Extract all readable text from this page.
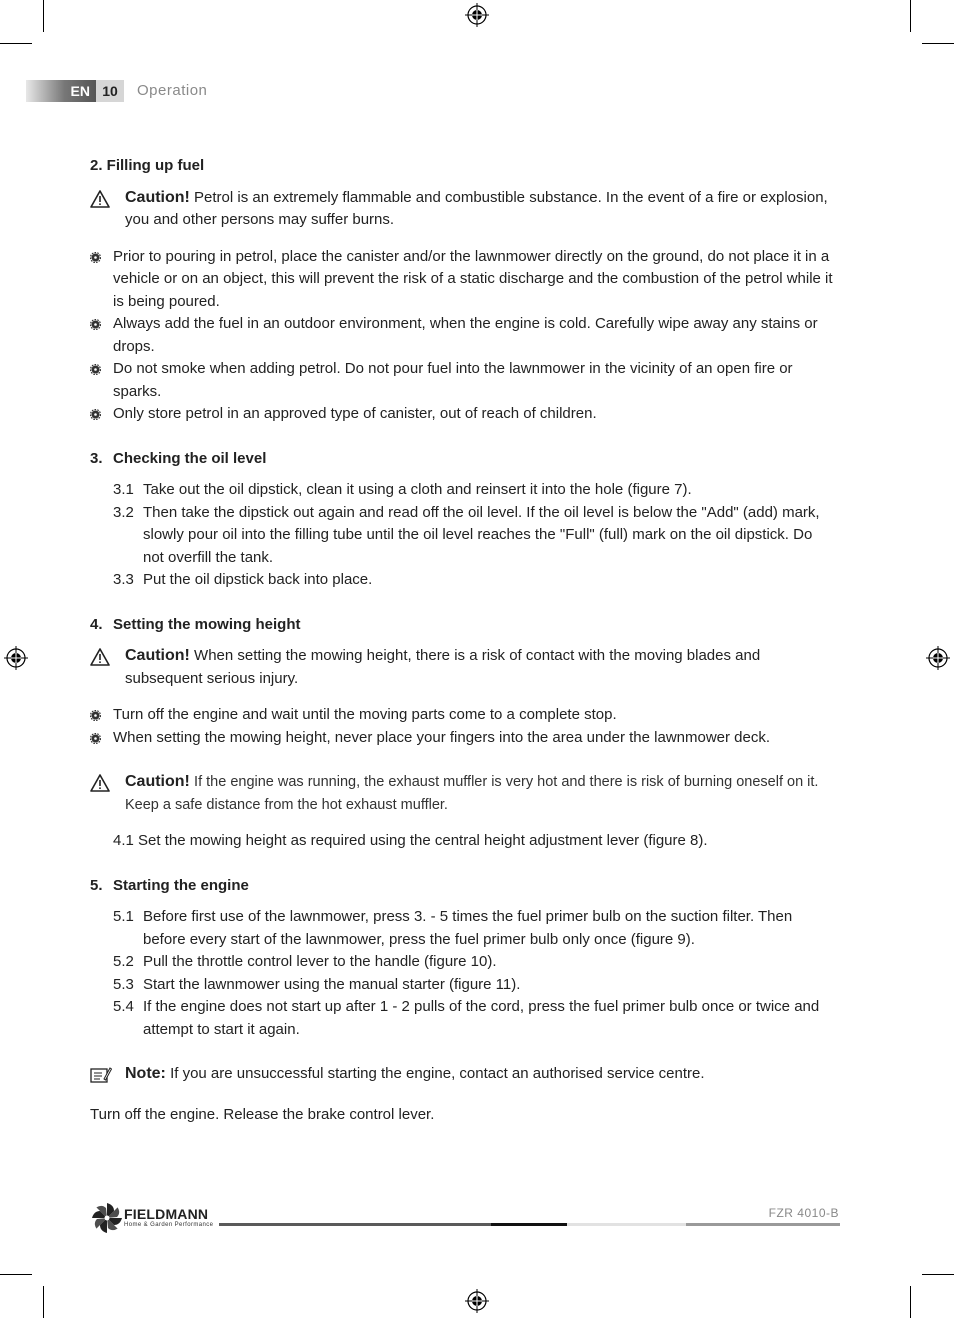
EN 10	Operation
2. Filling up fuel
Caution! Petrol is an extremely flammable and combustible substance. In the event of a fire or explosion, you and other persons may suffer burns.
Prior to pouring in petrol, place the canister and/or the lawnmower directly on the ground, do not place it in a vehicle or on an object, this will prevent the risk of a static discharge and the combustion of the petrol while it is being poured.
Always add the fuel in an outdoor environment, when the engine is cold. Carefully wipe away any stains or drops.
Do not smoke when adding petrol. Do not pour fuel into the lawnmower in the vicinity of an open fire or sparks.
Only store petrol in an approved type of canister, out of reach of children.
3. Checking the oil level
3.1 Take out the oil dipstick, clean it using a cloth and reinsert it into the hole (figure 7).
3.2 Then take the dipstick out again and read off the oil level. If the oil level is below the "Add" (add) mark, slowly pour oil into the filling tube until the oil level reaches the "Full" (full) mark on the oil dipstick. Do not overfill the tank.
3.3 Put the oil dipstick back into place.
4. Setting the mowing height
Caution! When setting the mowing height, there is a risk of contact with the moving blades and subsequent serious injury.
Turn off the engine and wait until the moving parts come to a complete stop.
When setting the mowing height, never place your fingers into the area under the lawnmower deck.
Caution! If the engine was running, the exhaust muffler is very hot and there is risk of burning oneself on it. Keep a safe distance from the hot exhaust muffler.
4.1 Set the mowing height as required using the central height adjustment lever (figure 8).
5. Starting the engine
5.1 Before first use of the lawnmower, press 3. - 5 times the fuel primer bulb on the suction filter. Then before every start of the lawnmower, press the fuel primer bulb only once (figure 9).
5.2 Pull the throttle control lever to the handle (figure 10).
5.3 Start the lawnmower using the manual starter (figure 11).
5.4 If the engine does not start up after 1 - 2 pulls of the cord, press the fuel primer bulb once or twice and attempt to start it again.
Note: If you are unsuccessful starting the engine, contact an authorised service centre.
Turn off the engine. Release the brake control lever.
FIELDMANN
Home & Garden Performance
FZR 4010-B
